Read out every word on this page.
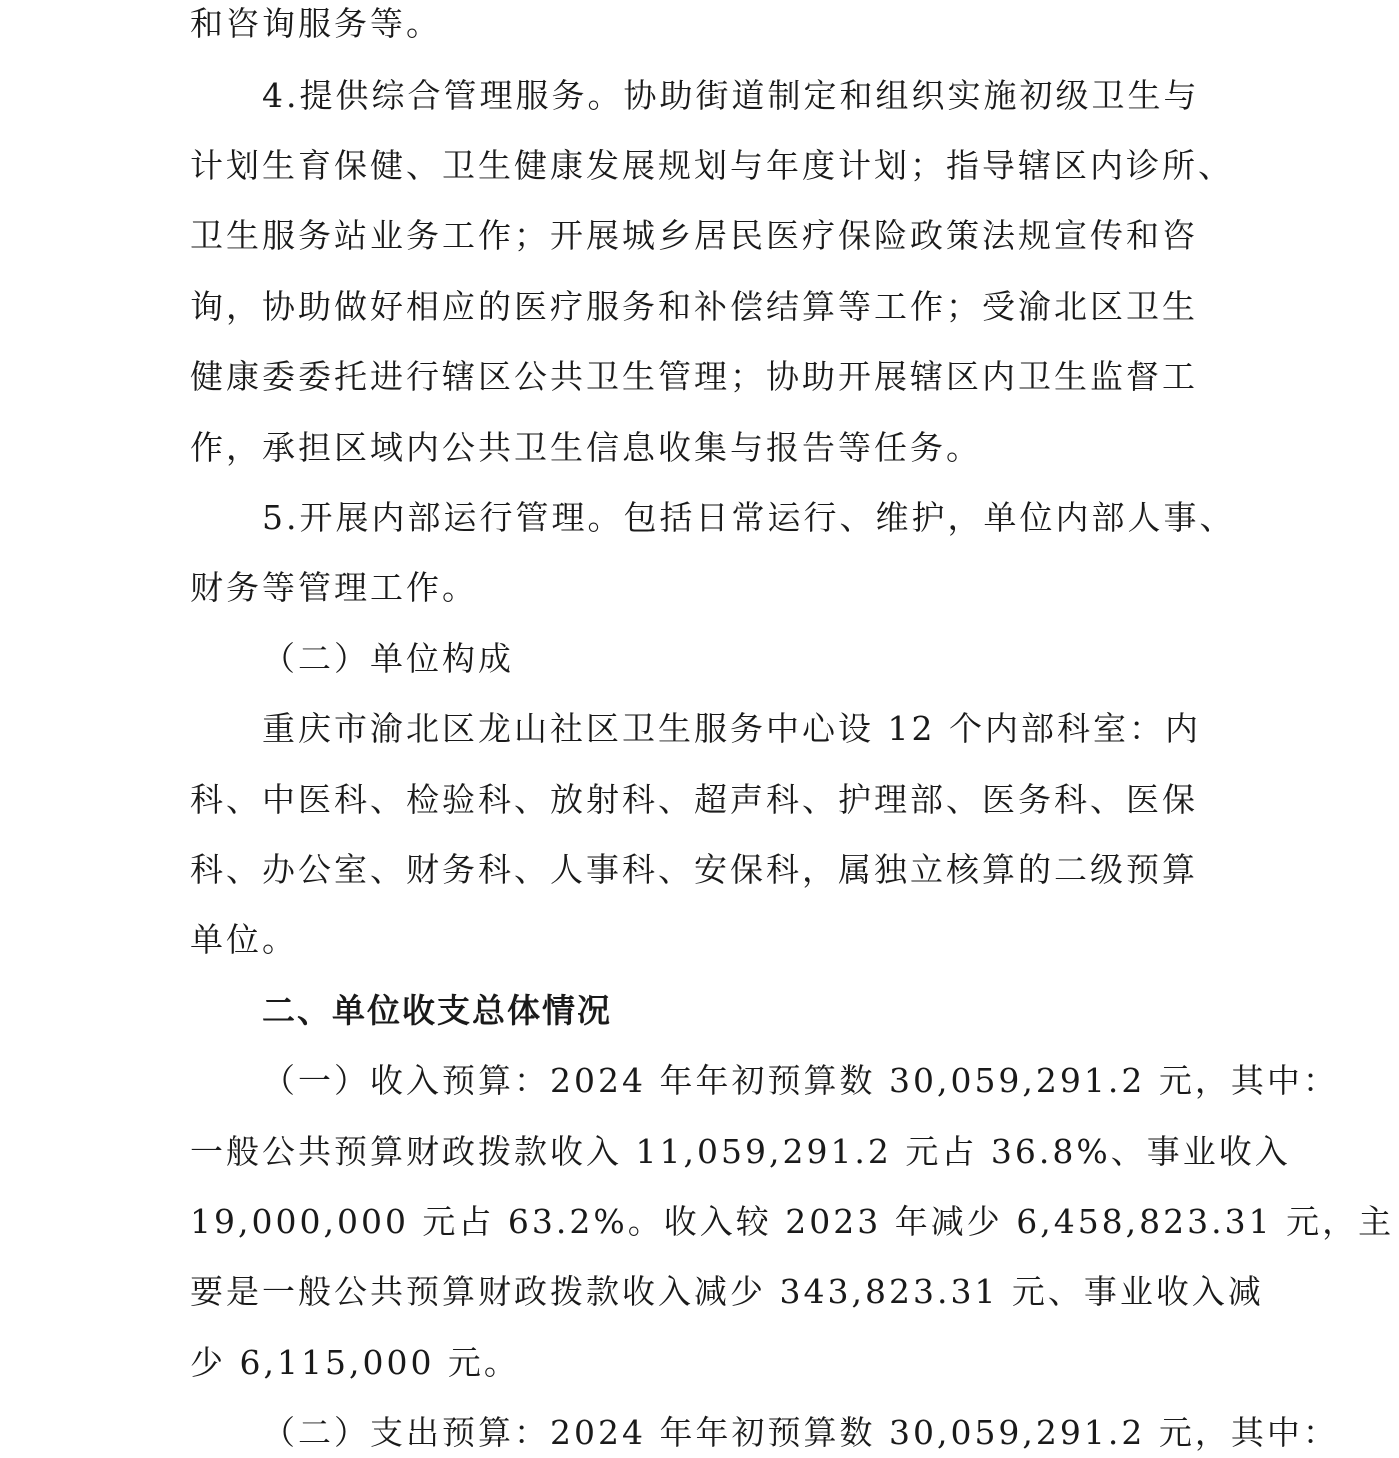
和咨询服务等。
4.提供综合管理服务。协助街道制定和组织实施初级卫生与
计划生育保健、卫生健康发展规划与年度计划；指导辖区内诊所、
卫生服务站业务工作；开展城乡居民医疗保险政策法规宣传和咨
询，协助做好相应的医疗服务和补偿结算等工作；受渝北区卫生
健康委委托进行辖区公共卫生管理；协助开展辖区内卫生监督工
作，承担区域内公共卫生信息收集与报告等任务。
5.开展内部运行管理。包括日常运行、维护，单位内部人事、
财务等管理工作。
（二）单位构成
重庆市渝北区龙山社区卫生服务中心设 12 个内部科室：内
科、中医科、检验科、放射科、超声科、护理部、医务科、医保
科、办公室、财务科、人事科、安保科，属独立核算的二级预算
单位。
二、单位收支总体情况
（一）收入预算：2024 年年初预算数 30,059,291.2 元，其中：
一般公共预算财政拨款收入 11,059,291.2 元占 36.8%、事业收入
19,000,000 元占 63.2%。收入较 2023 年减少 6,458,823.31 元，主
要是一般公共预算财政拨款收入减少 343,823.31 元、事业收入减
少 6,115,000 元。
（二）支出预算：2024 年年初预算数 30,059,291.2 元，其中：
